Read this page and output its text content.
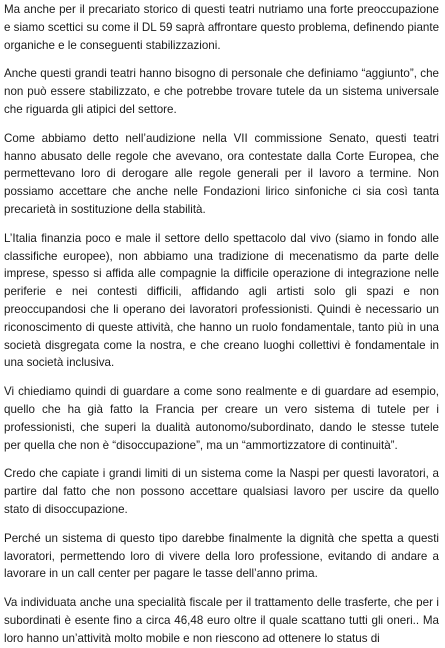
Ma anche per il precariato storico di questi teatri nutriamo una forte preoccupazione e siamo scettici su come il DL 59 saprà affrontare questo problema, definendo piante organiche e le conseguenti stabilizzazioni.

Anche questi grandi teatri hanno bisogno di personale che definiamo “aggiunto”, che non può essere stabilizzato, e che potrebbe trovare tutele da un sistema universale che riguarda gli atipici del settore.

Come abbiamo detto nell’audizione nella VII commissione Senato, questi teatri hanno abusato delle regole che avevano, ora contestate dalla Corte Europea, che permettevano loro di derogare alle regole generali per il lavoro a termine. Non possiamo accettare che anche nelle Fondazioni lirico sinfoniche ci sia così tanta precarietà in sostituzione della stabilità.

L’Italia finanzia poco e male il settore dello spettacolo dal vivo (siamo in fondo alle classifiche europee), non abbiamo una tradizione di mecenatismo da parte delle imprese, spesso si affida alle compagnie la difficile operazione di integrazione nelle periferie e nei contesti difficili, affidando agli artisti solo gli spazi e non preoccupandosi che li operano dei lavoratori professionisti. Quindi è necessario un riconoscimento di queste attività, che hanno un ruolo fondamentale, tanto più in una società disgregata come la nostra, e che creano luoghi collettivi è fondamentale in una società inclusiva.

Vi chiediamo quindi di guardare a come sono realmente e di guardare ad esempio, quello che ha già fatto la Francia per creare un vero sistema di tutele per i professionisti, che superi la dualità autonomo/subordinato, dando le stesse tutele per quella che non è “disoccupazione”, ma un “ammortizzatore di continuità”.

Credo che capiate i grandi limiti di un sistema come la Naspi per questi lavoratori, a partire dal fatto che non possono accettare qualsiasi lavoro per uscire da quello stato di disoccupazione.

Perché un sistema di questo tipo darebbe finalmente la dignità che spetta a questi lavoratori, permettendo loro di vivere della loro professione, evitando di andare a lavorare in un call center per pagare le tasse dell’anno prima.

Va individuata anche una specialità fiscale per il trattamento delle trasferte, che per i subordinati è esente fino a circa 46,48 euro oltre il quale scattano tutti gli oneri.. Ma loro hanno un’attività molto mobile e non riescono ad ottenere lo status di
